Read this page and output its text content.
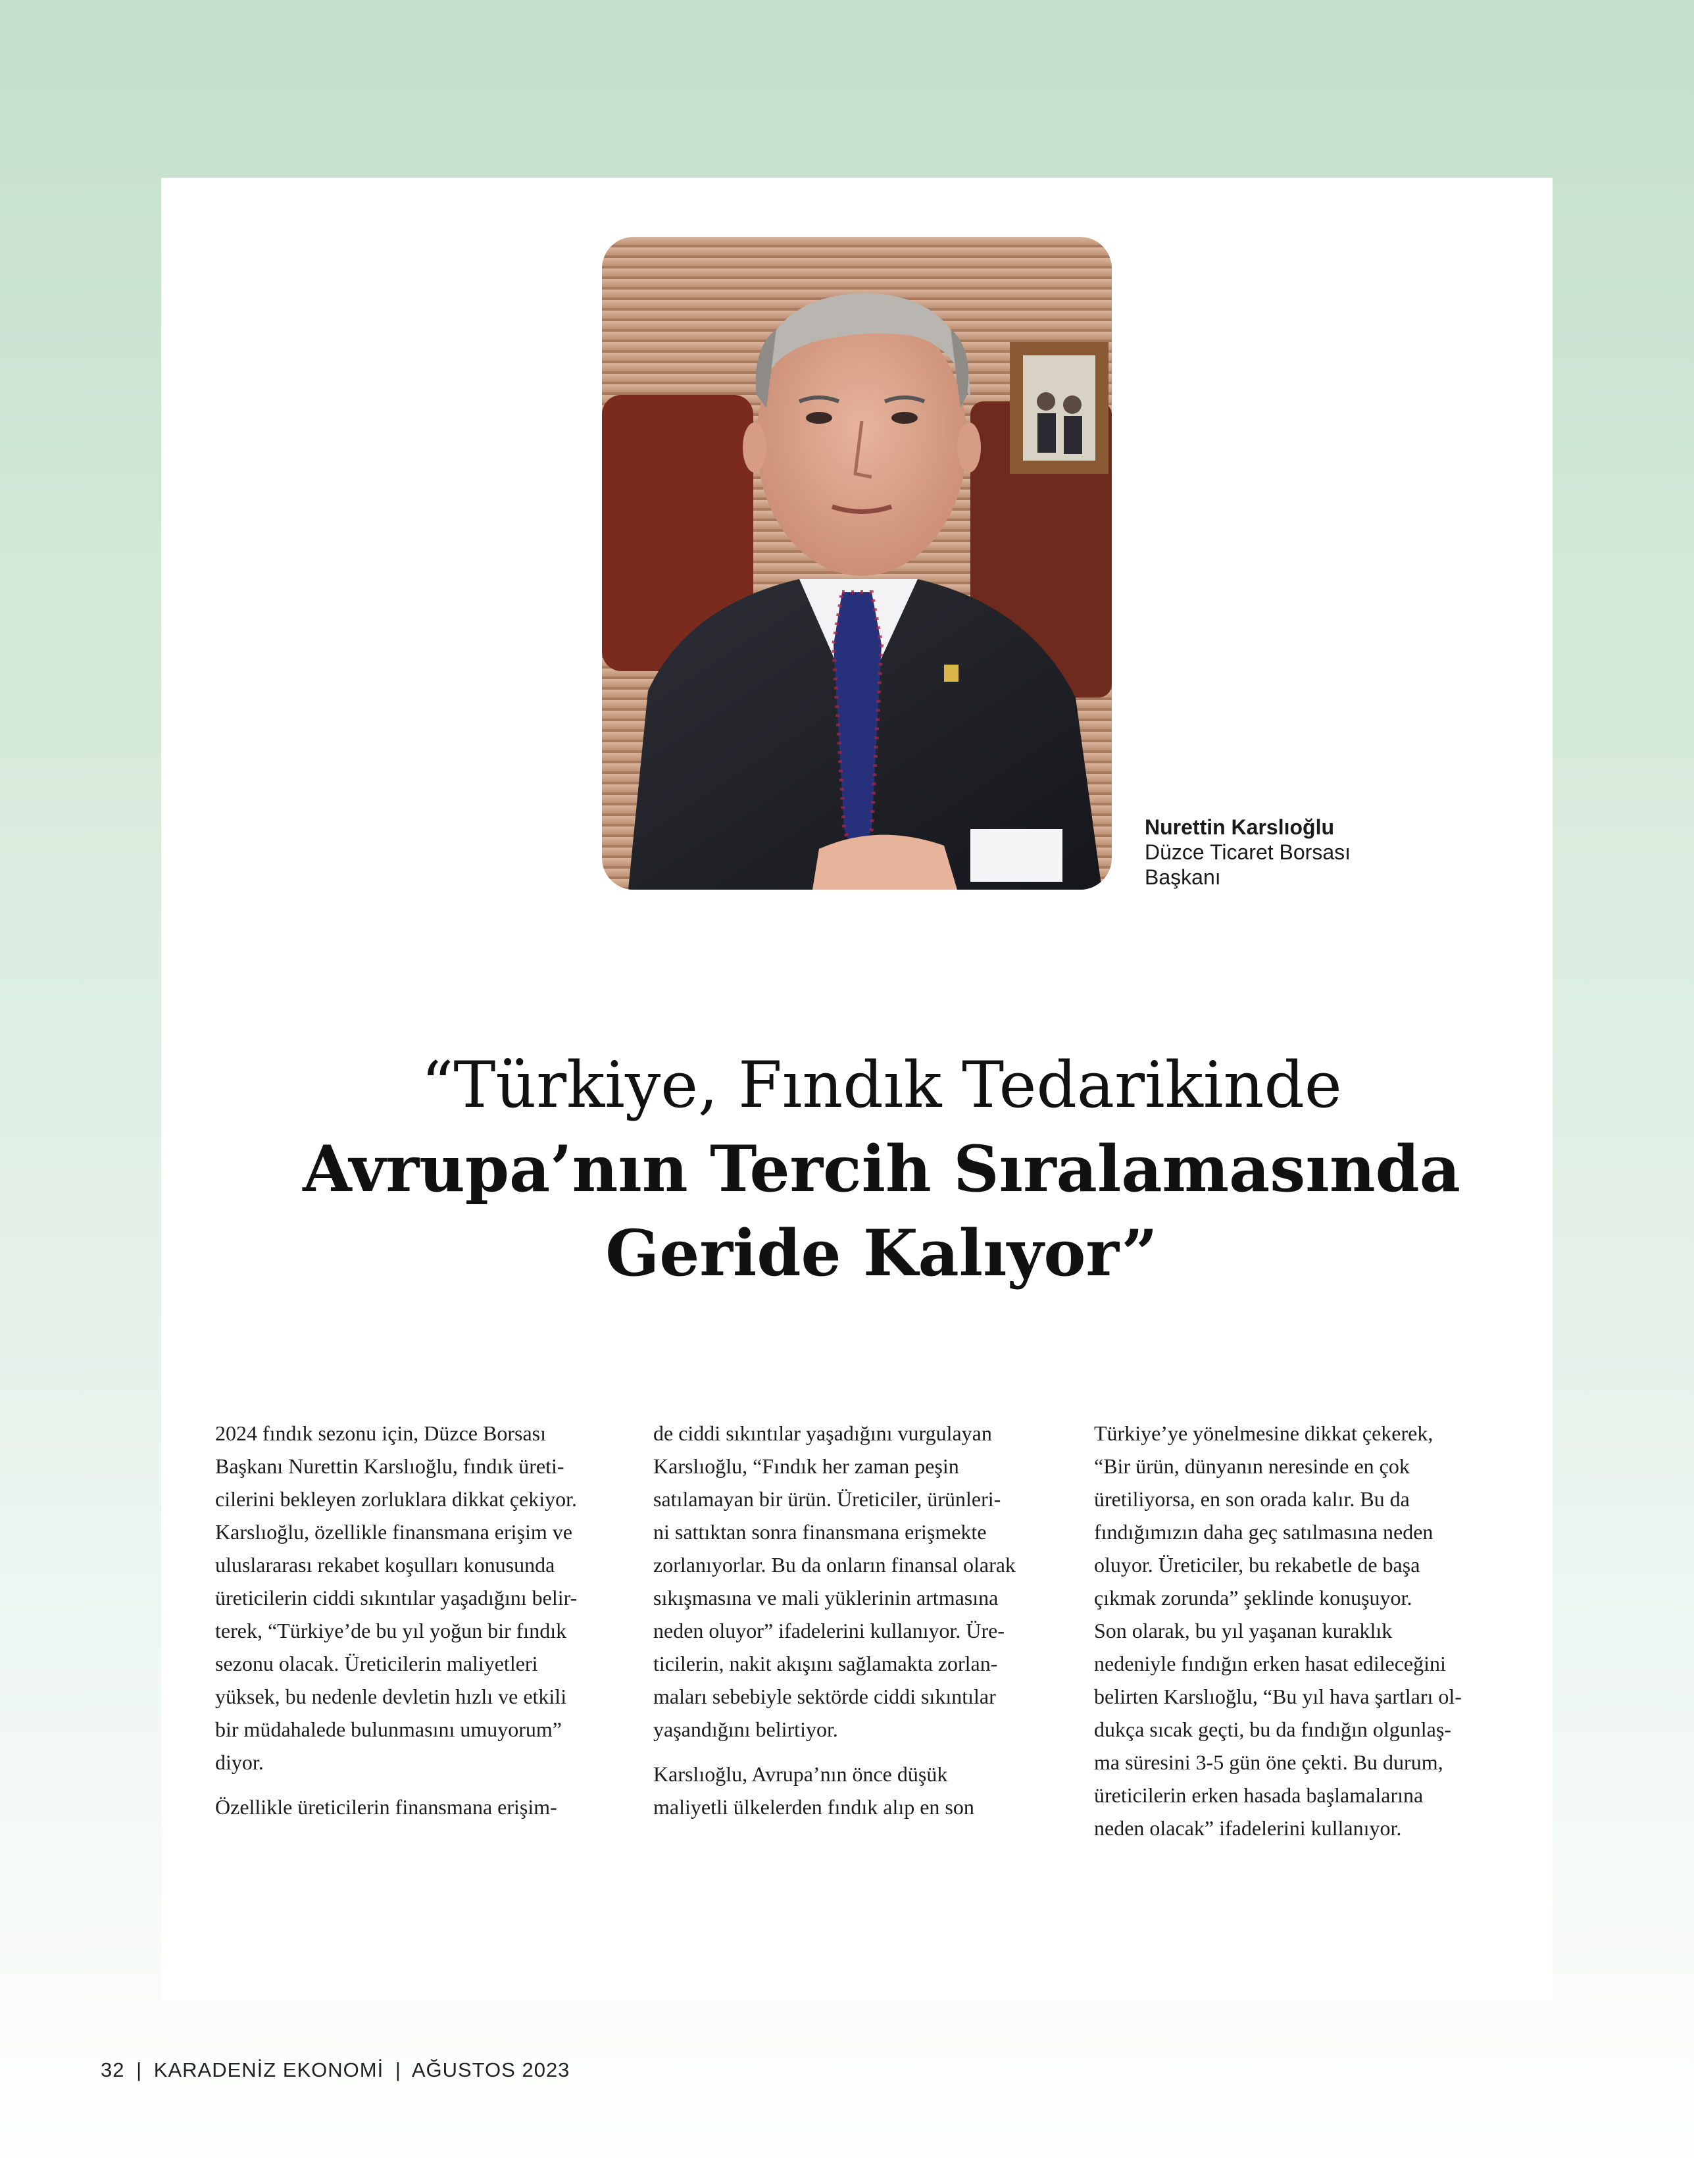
Nurettin Karslıoğlu
Düzce Ticaret Borsası
Başkanı
“Türkiye, Fındık Tedarikinde
Avrupa’nın Tercih Sıralamasında
Geride Kalıyor”

2024 fındık sezonu için, Düzce Borsası
Başkanı Nurettin Karslıoğlu, fındık üreti-
cilerini bekleyen zorluklara dikkat çekiyor.
Karslıoğlu, özellikle finansmana erişim ve
uluslararası rekabet koşulları konusunda
üreticilerin ciddi sıkıntılar yaşadığını belir-
terek, “Türkiye’de bu yıl yoğun bir fındık
sezonu olacak. Üreticilerin maliyetleri
yüksek, bu nedenle devletin hızlı ve etkili
bir müdahalede bulunmasını umuyorum”
diyor.

Özellikle üreticilerin finansmana erişim-

de ciddi sıkıntılar yaşadığını vurgulayan
Karslıoğlu, “Fındık her zaman peşin
satılamayan bir ürün. Üreticiler, ürünleri-
ni sattıktan sonra finansmana erişmekte
zorlanıyorlar. Bu da onların finansal olarak
sıkışmasına ve mali yüklerinin artmasına
neden oluyor” ifadelerini kullanıyor. Üre-
ticilerin, nakit akışını sağlamakta zorlan-
maları sebebiyle sektörde ciddi sıkıntılar
yaşandığını belirtiyor.

Karslıoğlu, Avrupa’nın önce düşük
maliyetli ülkelerden fındık alıp en son

Türkiye’ye yönelmesine dikkat çekerek,
“Bir ürün, dünyanın neresinde en çok
üretiliyorsa, en son orada kalır. Bu da
fındığımızın daha geç satılmasına neden
oluyor. Üreticiler, bu rekabetle de başa
çıkmak zorunda” şeklinde konuşuyor.
Son olarak, bu yıl yaşanan kuraklık
nedeniyle fındığın erken hasat edileceğini
belirten Karslıoğlu, “Bu yıl hava şartları ol-
dukça sıcak geçti, bu da fındığın olgunlaş-
ma süresini 3-5 gün öne çekti. Bu durum,
üreticilerin erken hasada başlamalarına
neden olacak” ifadelerini kullanıyor.

32 | KARADENİZ EKONOMİ | AĞUSTOS 2023
